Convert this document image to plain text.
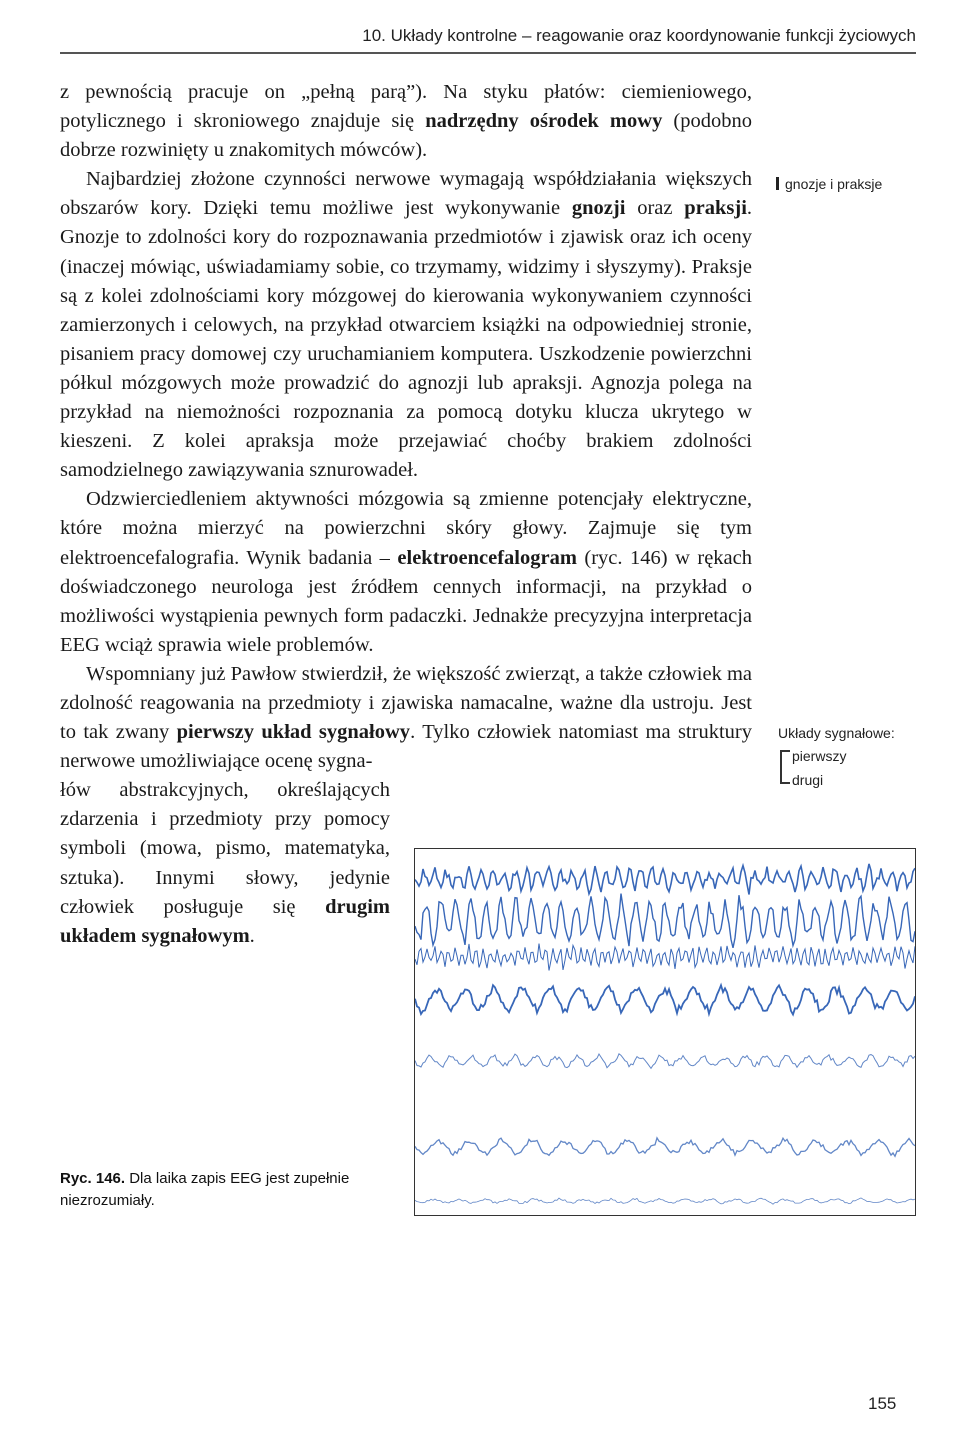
10. Układy kontrolne – reagowanie oraz koordynowanie funkcji życiowych

z pewnością pracuje on „pełną parą”). Na styku płatów: ciemieniowego, potylicznego i skroniowego znajduje się nadrzędny ośrodek mowy (podobno dobrze rozwinięty u znakomitych mówców).

Najbardziej złożone czynności nerwowe wymagają współdziałania większych obszarów kory. Dzięki temu możliwe jest wykonywanie gnozji oraz praksji. Gnozje to zdolności kory do rozpoznawania przedmiotów i zjawisk oraz ich oceny (inaczej mówiąc, uświadamiamy sobie, co trzymamy, widzimy i słyszymy). Praksje są z kolei zdolnościami kory mózgowej do kierowania wykonywaniem czynności zamierzonych i celowych, na przykład otwarciem książki na odpowiedniej stronie, pisaniem pracy domowej czy uruchamianiem komputera. Uszkodzenie powierzchni półkul mózgowych może prowadzić do agnozji lub apraksji. Agnozja polega na przykład na niemożności rozpoznania za pomocą dotyku klucza ukrytego w kieszeni. Z kolei apraksja może przejawiać choćby brakiem zdolności samodzielnego zawiązywania sznurowadeł.

Odzwierciedleniem aktywności mózgowia są zmienne potencjały elektryczne, które można mierzyć na powierzchni skóry głowy. Zajmuje się tym elektroencefalografia. Wynik badania – elektroencefalogram (ryc. 146) w rękach doświadczonego neurologa jest źródłem cennych informacji, na przykład o możliwości wystąpienia pewnych form padaczki. Jednakże precyzyjna interpretacja EEG wciąż sprawia wiele problemów.

Wspomniany już Pawłow stwierdził, że większość zwierząt, a także człowiek ma zdolność reagowania na przedmioty i zjawiska namacalne, ważne dla ustroju. Jest to tak zwany pierwszy układ sygnałowy. Tylko człowiek natomiast ma struktury nerwowe umożliwiające ocenę sygna-

łów abstrakcyjnych, określających zdarzenia i przedmioty przy pomocy symboli (mowa, pismo, matematyka, sztuka). Innymi słowy, jedynie człowiek posługuje się drugim układem sygnałowym.

gnozje i praksje
Układy sygnałowe:
pierwszy
drugi
Ryc. 146. Dla laika zapis EEG jest zupełnie niezrozumiały.
155
